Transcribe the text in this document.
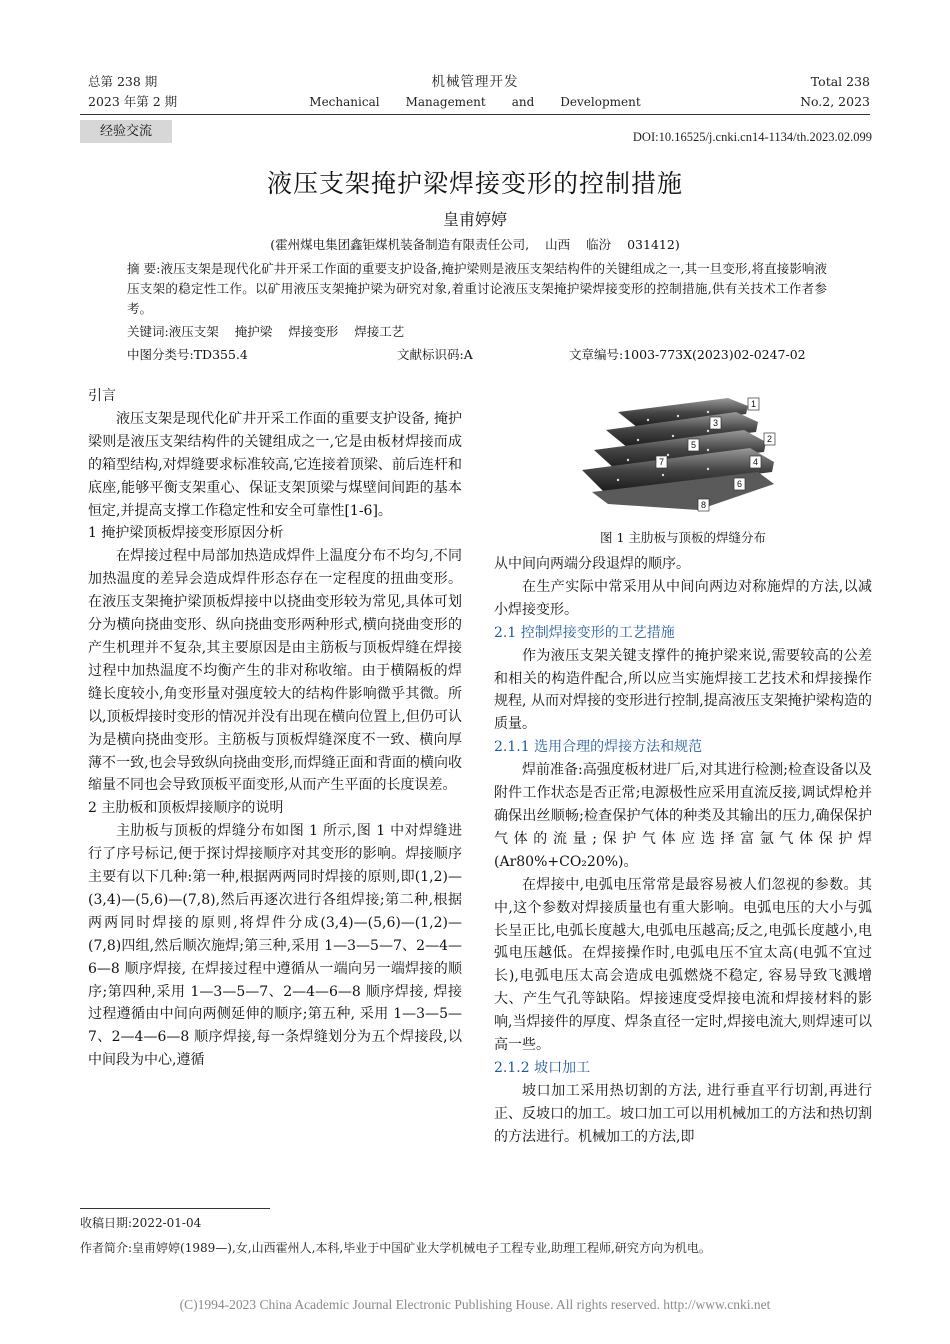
总第 238 期
2023 年第 2 期
机械管理开发
Mechanical Management and Development
Total 238
No.2, 2023
经验交流	DOI:10.16525/j.cnki.cn14-1134/th.2023.02.099
液压支架掩护梁焊接变形的控制措施
皇甫婷婷
(霍州煤电集团鑫钜煤机装备制造有限责任公司, 山西 临汾 031412)
摘 要:液压支架是现代化矿井开采工作面的重要支护设备,掩护梁则是液压支架结构件的关键组成之一,其一旦变形,将直接影响液压支架的稳定性工作。以矿用液压支架掩护梁为研究对象,着重讨论液压支架掩护梁焊接变形的控制措施,供有关技术工作者参考。
关键词:液压支架 掩护梁 焊接变形 焊接工艺
中图分类号:TD355.4	文献标识码:A	文章编号:1003-773X(2023)02-0247-02

引言

液压支架是现代化矿井开采工作面的重要支护设备, 掩护梁则是液压支架结构件的关键组成之一,它是由板材焊接而成的箱型结构,对焊缝要求标准较高,它连接着顶梁、前后连杆和底座,能够平衡支架重心、保证支架顶梁与煤壁间间距的基本恒定,并提高支撑工作稳定性和安全可靠性[1-6]。

1 掩护梁顶板焊接变形原因分析

在焊接过程中局部加热造成焊件上温度分布不均匀,不同加热温度的差异会造成焊件形态存在一定程度的扭曲变形。在液压支架掩护梁顶板焊接中以挠曲变形较为常见,具体可划分为横向挠曲变形、纵向挠曲变形两种形式,横向挠曲变形的产生机理并不复杂,其主要原因是由主筋板与顶板焊缝在焊接过程中加热温度不均衡产生的非对称收缩。由于横隔板的焊缝长度较小,角变形量对强度较大的结构件影响微乎其微。所以,顶板焊接时变形的情况并没有出现在横向位置上,但仍可认为是横向挠曲变形。主筋板与顶板焊缝深度不一致、横向厚薄不一致,也会导致纵向挠曲变形,而焊缝正面和背面的横向收缩量不同也会导致顶板平面变形,从而产生平面的长度误差。

2 主肋板和顶板焊接顺序的说明

主肋板与顶板的焊缝分布如图 1 所示,图 1 中对焊缝进行了序号标记,便于探讨焊接顺序对其变形的影响。焊接顺序主要有以下几种:第一种,根据两两同时焊接的原则,即(1,2)—(3,4)—(5,6)—(7,8),然后再逐次进行各组焊接;第二种,根据两两同时焊接的原则,将焊件分成(3,4)—(5,6)—(1,2)—(7,8)四组,然后顺次施焊;第三种,采用 1—3—5—7、2—4—6—8 顺序焊接, 在焊接过程中遵循从一端向另一端焊接的顺序;第四种,采用 1—3—5—7、2—4—6—8 顺序焊接, 焊接过程遵循由中间向两侧延伸的顺序;第五种, 采用 1—3—5—7、2—4—6—8 顺序焊接,每一条焊缝划分为五个焊接段,以中间段为中心,遵循

1
2
3
4
5
6
7
8
图 1 主肋板与顶板的焊缝分布

从中间向两端分段退焊的顺序。

在生产实际中常采用从中间向两边对称施焊的方法,以减小焊接变形。

2.1 控制焊接变形的工艺措施

作为液压支架关键支撑件的掩护梁来说,需要较高的公差和相关的构造件配合,所以应当实施焊接工艺技术和焊接操作规程, 从而对焊接的变形进行控制,提高液压支架掩护梁构造的质量。

2.1.1 选用合理的焊接方法和规范

焊前准备:高强度板材进厂后,对其进行检测;检查设备以及附件工作状态是否正常;电源极性应采用直流反接,调试焊枪并确保出丝顺畅;检查保护气体的种类及其输出的压力,确保保护气体的流量;保护气体应选择富氩气体保护焊(Ar80%+CO₂20%)。

在焊接中,电弧电压常常是最容易被人们忽视的参数。其中,这个参数对焊接质量也有重大影响。电弧电压的大小与弧长呈正比,电弧长度越大,电弧电压越高;反之,电弧长度越小,电弧电压越低。在焊接操作时,电弧电压不宜太高(电弧不宜过长),电弧电压太高会造成电弧燃烧不稳定, 容易导致飞溅增大、产生气孔等缺陷。焊接速度受焊接电流和焊接材料的影响,当焊接件的厚度、焊条直径一定时,焊接电流大,则焊速可以高一些。

2.1.2 坡口加工

坡口加工采用热切割的方法, 进行垂直平行切割,再进行正、反坡口的加工。坡口加工可以用机械加工的方法和热切割的方法进行。机械加工的方法,即

收稿日期:2022-01-04
作者简介:皇甫婷婷(1989—),女,山西霍州人,本科,毕业于中国矿业大学机械电子工程专业,助理工程师,研究方向为机电。
(C)1994-2023 China Academic Journal Electronic Publishing House. All rights reserved. http://www.cnki.net
